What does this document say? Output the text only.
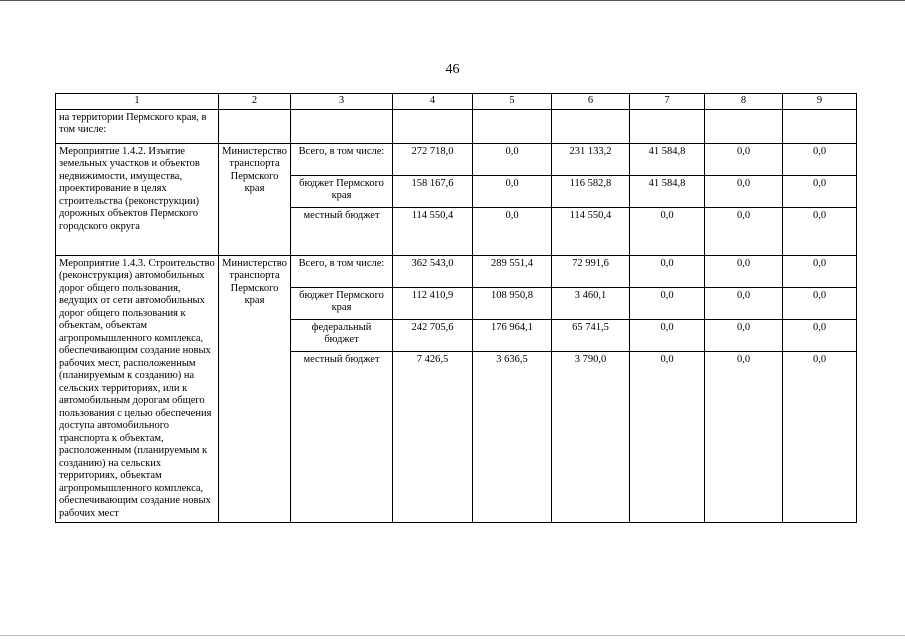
46
1	2	3	4	5	6	7	8	9
на территории Пермского края, в том числе:								
Мероприятие 1.4.2. Изъятие земельных участков и объектов недвижимости, имущества, проектирование в целях строительства (реконструкции) дорожных объектов Пермского городского округа	Министерство транспорта Пермского края	Всего, в том числе:	272 718,0	0,0	231 133,2	41 584,8	0,0	0,0
		бюджет Пермского края	158 167,6	0,0	116 582,8	41 584,8	0,0	0,0
		местный бюджет	114 550,4	0,0	114 550,4	0,0	0,0	0,0
Мероприятие 1.4.3. Строительство (реконструкция) автомобильных дорог общего пользования, ведущих от сети автомобильных дорог общего пользования к объектам, объектам агропромышленного комплекса, обеспечивающим создание новых рабочих мест, расположенным (планируемым к созданию) на сельских территориях, или к автомобильным дорогам общего пользования с целью обеспечения доступа автомобильного транспорта к объектам, расположенным (планируемым к созданию) на сельских территориях, объектам агропромышленного комплекса, обеспечивающим создание новых рабочих мест	Министерство транспорта Пермского края	Всего, в том числе:	362 543,0	289 551,4	72 991,6	0,0	0,0	0,0
		бюджет Пермского края	112 410,9	108 950,8	3 460,1	0,0	0,0	0,0
		федеральный бюджет	242 705,6	176 964,1	65 741,5	0,0	0,0	0,0
		местный бюджет	7 426,5	3 636,5	3 790,0	0,0	0,0	0,0
